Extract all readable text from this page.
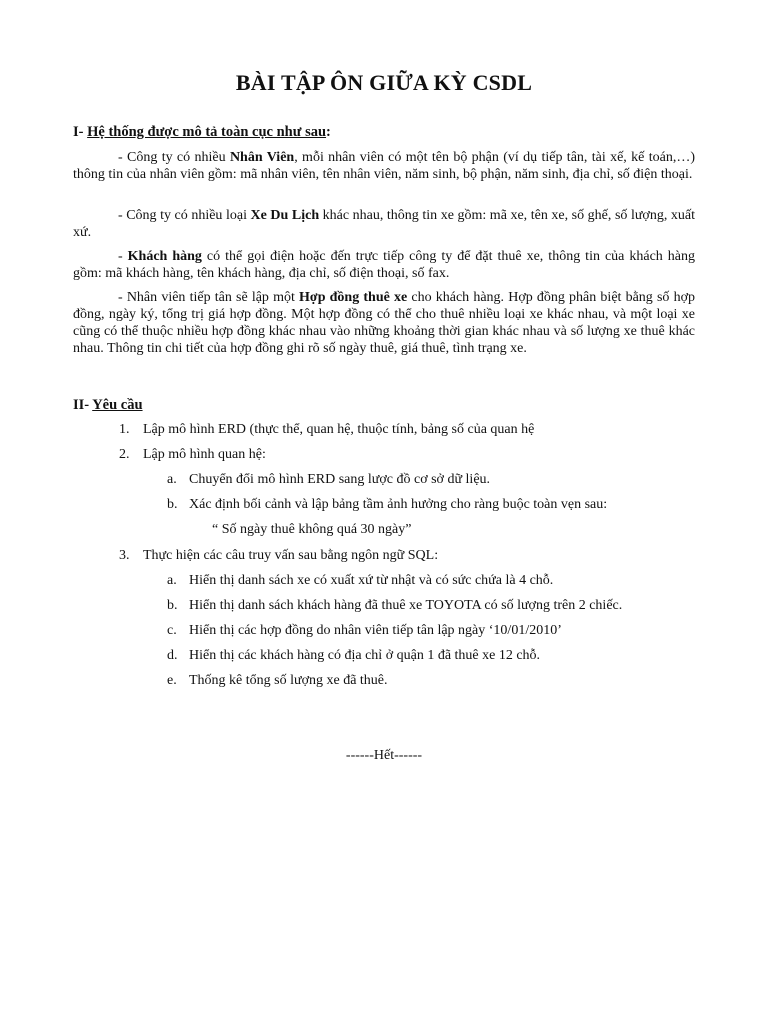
BÀI TẬP ÔN GIỮA KỲ CSDL
I- Hệ thống được mô tả toàn cục như sau:
- Công ty có nhiều Nhân Viên, mỗi nhân viên có một tên bộ phận (ví dụ tiếp tân, tài xế, kế toán,…) thông tin của nhân viên gồm: mã nhân viên, tên nhân viên, năm sinh, bộ phận, năm sinh, địa chỉ, số điện thoại.
- Công ty có nhiều loại Xe Du Lịch khác nhau, thông tin xe gồm: mã xe, tên xe, số ghế, số lượng, xuất xứ.
- Khách hàng có thể gọi điện hoặc đến trực tiếp công ty để đặt thuê xe, thông tin của khách hàng gồm: mã khách hàng, tên khách hàng, địa chỉ, số điện thoại, số fax.
- Nhân viên tiếp tân sẽ lập một Hợp đồng thuê xe cho khách hàng. Hợp đồng phân biệt bằng số hợp đồng, ngày ký, tổng trị giá hợp đồng. Một hợp đồng có thể cho thuê nhiều loại xe khác nhau, và một loại xe cũng có thể thuộc nhiều hợp đồng khác nhau vào những khoảng thời gian khác nhau và số lượng xe thuê khác nhau. Thông tin chi tiết của hợp đồng ghi rõ số ngày thuê, giá thuê, tình trạng xe.
II- Yêu cầu
1. Lập mô hình ERD (thực thể, quan hệ, thuộc tính, bảng số của quan hệ
2. Lập mô hình quan hệ:
a. Chuyển đổi mô hình ERD sang lược đồ cơ sở dữ liệu.
b. Xác định bối cảnh và lập bảng tầm ảnh hưởng cho ràng buộc toàn vẹn sau:
“ Số ngày thuê không quá 30 ngày”
3. Thực hiện các câu truy vấn sau bằng ngôn ngữ SQL:
a. Hiển thị danh sách xe có xuất xứ từ nhật và có sức chứa là 4 chỗ.
b. Hiển thị danh sách khách hàng đã thuê xe TOYOTA có số lượng trên 2 chiếc.
c. Hiển thị các hợp đồng do nhân viên tiếp tân lập ngày ‘10/01/2010’
d. Hiển thị các khách hàng có địa chỉ ở quận 1 đã thuê xe 12 chỗ.
e. Thống kê tổng số lượng xe đã thuê.
------Hết------
